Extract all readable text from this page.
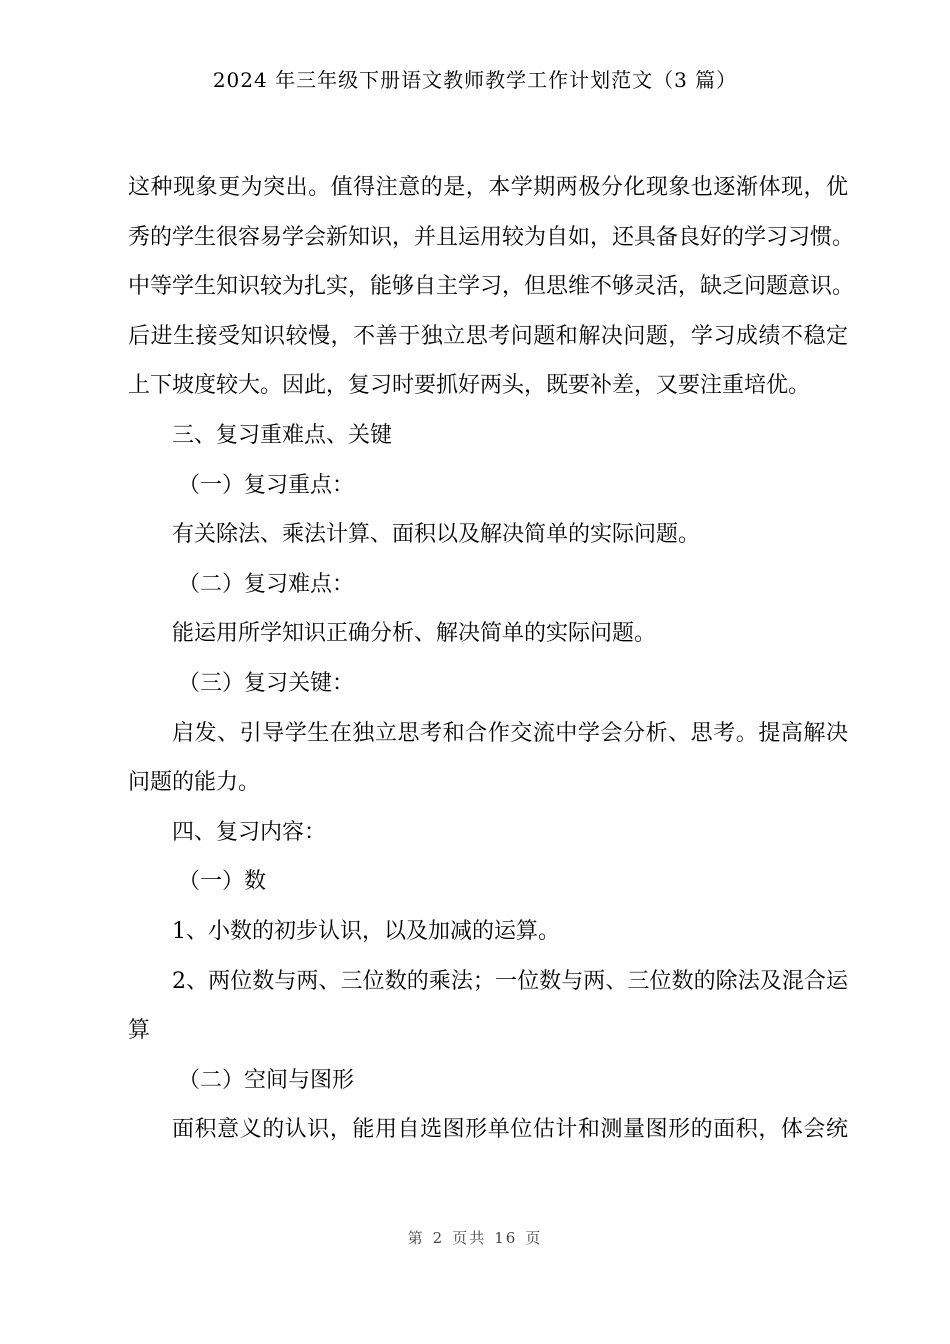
2024 年三年级下册语文教师教学工作计划范文（3 篇）
这种现象更为突出。值得注意的是，本学期两极分化现象也逐渐体现，优
秀的学生很容易学会新知识，并且运用较为自如，还具备良好的学习习惯。
中等学生知识较为扎实，能够自主学习，但思维不够灵活，缺乏问题意识。
后进生接受知识较慢，不善于独立思考问题和解决问题，学习成绩不稳定
上下坡度较大。因此，复习时要抓好两头，既要补差，又要注重培优。
三、复习重难点、关键
（一）复习重点：
有关除法、乘法计算、面积以及解决简单的实际问题。
（二）复习难点：
能运用所学知识正确分析、解决简单的实际问题。
（三）复习关键：
启发、引导学生在独立思考和合作交流中学会分析、思考。提高解决
问题的能力。
四、复习内容：
（一）数
1、小数的初步认识，以及加减的运算。
2、两位数与两、三位数的乘法；一位数与两、三位数的除法及混合运
算
（二）空间与图形
面积意义的认识，能用自选图形单位估计和测量图形的面积，体会统
第 2 页共 16 页
